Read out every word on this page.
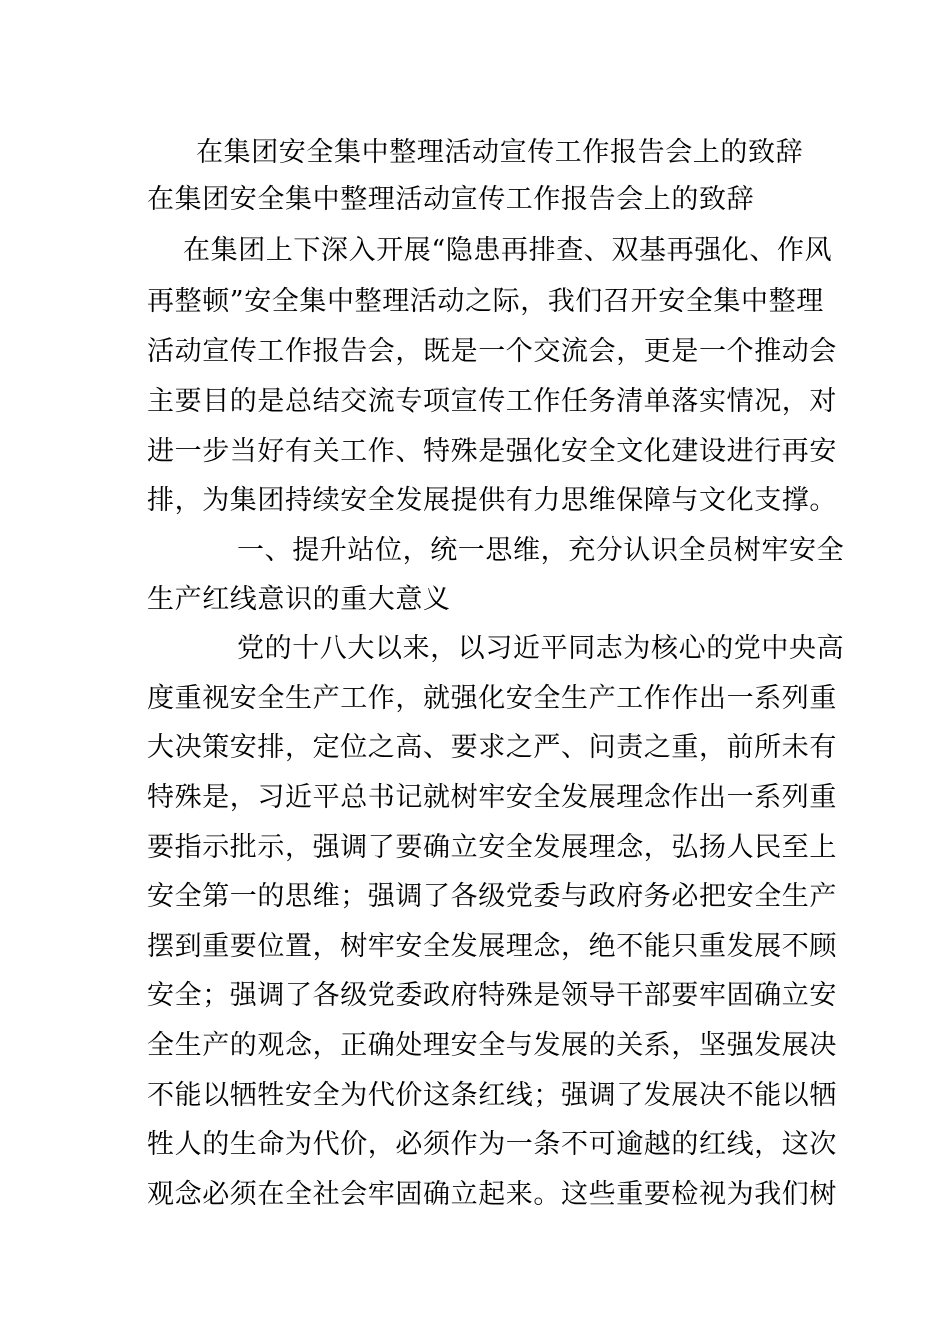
在集团安全集中整理活动宣传工作报告会上的致辞
在集团安全集中整理活动宣传工作报告会上的致辞
在集团上下深入开展“隐患再排查、双基再强化、作风
再整顿”安全集中整理活动之际，我们召开安全集中整理
活动宣传工作报告会，既是一个交流会，更是一个推动会
主要目的是总结交流专项宣传工作任务清单落实情况，对
进一步当好有关工作、特殊是强化安全文化建设进行再安
排，为集团持续安全发展提供有力思维保障与文化支撑。
一、提升站位，统一思维，充分认识全员树牢安全
生产红线意识的重大意义
党的十八大以来，以习近平同志为核心的党中央高
度重视安全生产工作，就强化安全生产工作作出一系列重
大决策安排，定位之高、要求之严、问责之重，前所未有
特殊是，习近平总书记就树牢安全发展理念作出一系列重
要指示批示，强调了要确立安全发展理念，弘扬人民至上
安全第一的思维；强调了各级党委与政府务必把安全生产
摆到重要位置，树牢安全发展理念，绝不能只重发展不顾
安全；强调了各级党委政府特殊是领导干部要牢固确立安
全生产的观念，正确处理安全与发展的关系，坚强发展决
不能以牺牲安全为代价这条红线；强调了发展决不能以牺
牲人的生命为代价，必须作为一条不可逾越的红线，这次
观念必须在全社会牢固确立起来。这些重要检视为我们树
